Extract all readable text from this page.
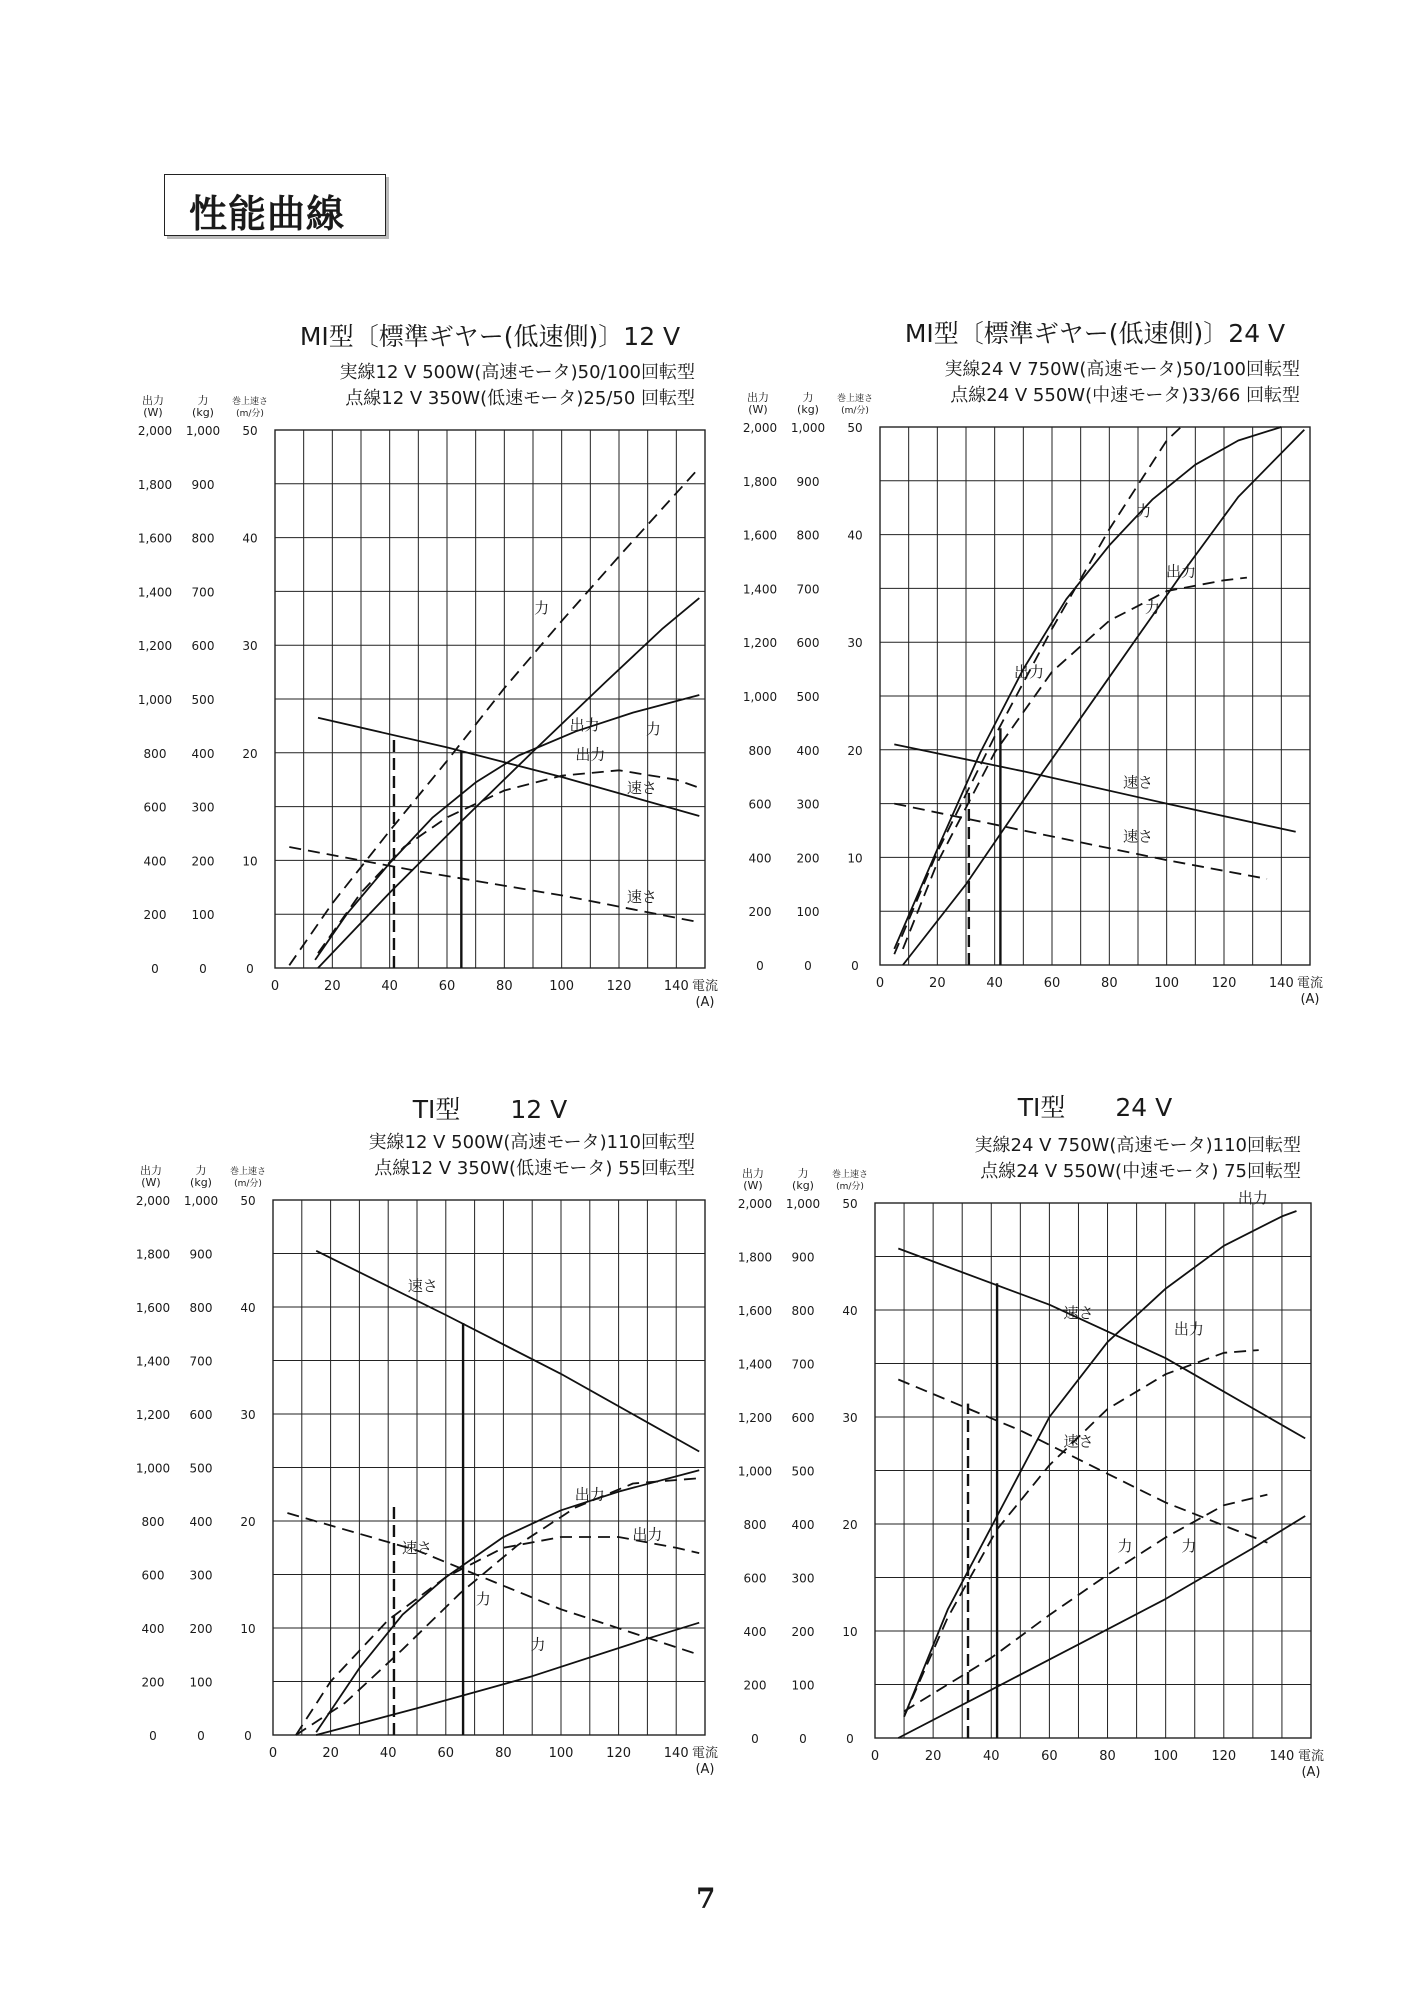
性能曲線
MI型〔標準ギヤー(低速側)〕12 V
実線12 V 500W(高速モータ)50/100回転型
点線12 V 350W(低速モータ)25/50 回転型
出力
(W)
力
(kg)
巻上速さ
(m/分)
0	0
200 100
400 200
600 300
800 400
1,000 500
1,200 600
1,400 700
1,600 800
1,800 900
2,000 1,000
0
10
20
30
40
50
0	20	40	60	80	100	120	140 電流
(A)
力
出力
力
出力
速さ
速さ
MI型〔標準ギヤー(低速側)〕24 V
実線24 V 750W(高速モータ)50/100回転型
点線24 V 550W(中速モータ)33/66 回転型
出力
(W)
力
(kg)
巻上速さ
(m/分)
0	0
200 100
400 200
600 300
800 400
1,000 500
1,200 600
1,400 700
1,600 800
1,800 900
2,000 1,000
0
10
20
30
40
50
0	20	40	60	80	100	120	140 電流
(A)
出力
力
速さ
力
出力
速さ
TI型　　12 V
実線12 V 500W(高速モータ)110回転型
点線12 V 350W(低速モータ) 55回転型
出力
(W)
力
(kg)
巻上速さ
(m/分)
0	0
200 100
400 200
600 300
800 400
1,000 500
1,200 600
1,400 700
1,600 800
1,800 900
2,000 1,000
0
10
20
30
40
50
0	20	40	60	80	100	120	140 電流
(A)
速さ
出力
力
出力
力
速さ
TI型　　24 V
実線24 V 750W(高速モータ)110回転型
点線24 V 550W(中速モータ) 75回転型
出力
(W)
力
(kg)
巻上速さ
(m/分)
0	0
200 100
400 200
600 300
800 400
1,000 500
1,200 600
1,400 700
1,600 800
1,800 900
2,000 1,000
0
10
20
30
40
50
0	20	40	60	80	100	120	140 電流
(A)
出力
速さ
力
出力
力
速さ
7
